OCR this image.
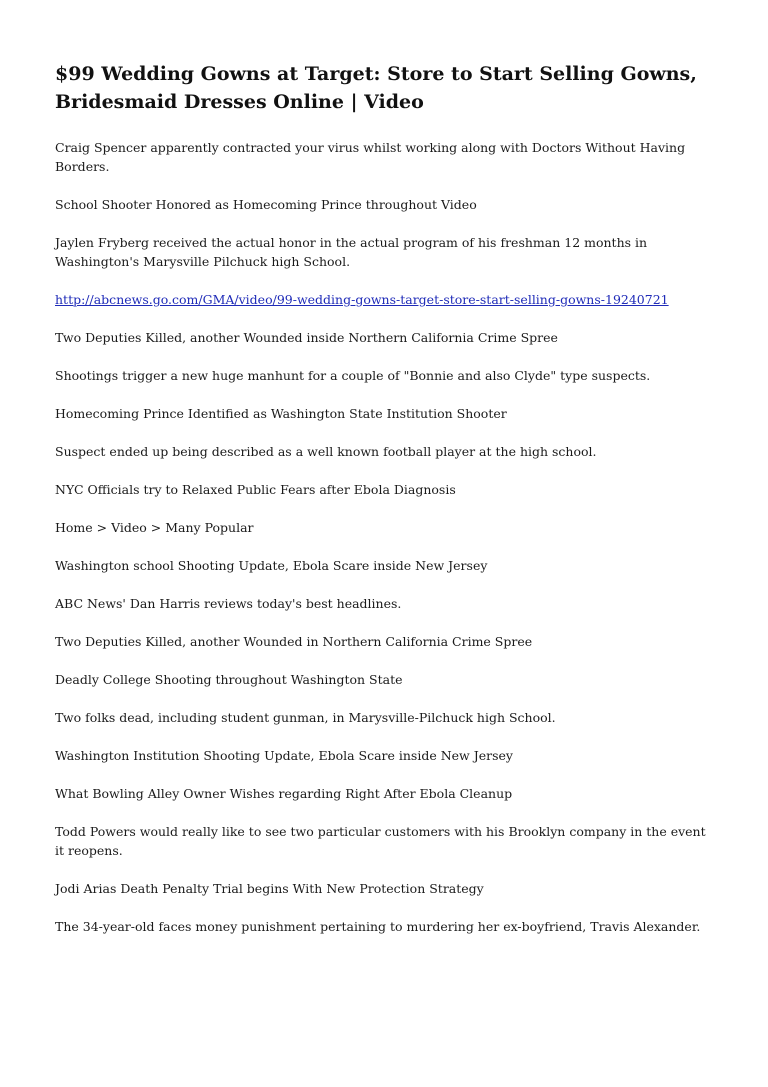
$99 Wedding Gowns at Target: Store to Start Selling Gowns, Bridesmaid Dresses Online | Video

Craig Spencer apparently contracted your virus whilst working along with Doctors Without Having Borders.

School Shooter Honored as Homecoming Prince throughout Video

Jaylen Fryberg received the actual honor in the actual program of his freshman 12 months in Washington's Marysville Pilchuck high School.

http://abcnews.go.com/GMA/video/99-wedding-gowns-target-store-start-selling-gowns-19240721

Two Deputies Killed, another Wounded inside Northern California Crime Spree

Shootings trigger a new huge manhunt for a couple of "Bonnie and also Clyde" type suspects.

Homecoming Prince Identified as Washington State Institution Shooter

Suspect ended up being described as a well known football player at the high school.

NYC Officials try to Relaxed Public Fears after Ebola Diagnosis

Home > Video > Many Popular

Washington school Shooting Update, Ebola Scare inside New Jersey

ABC News' Dan Harris reviews today's best headlines.

Two Deputies Killed, another Wounded in Northern California Crime Spree

Deadly College Shooting throughout Washington State

Two folks dead, including student gunman, in Marysville-Pilchuck high School.

Washington Institution Shooting Update, Ebola Scare inside New Jersey

What Bowling Alley Owner Wishes regarding Right After Ebola Cleanup

Todd Powers would really like to see two particular customers with his Brooklyn company in the event it reopens.

Jodi Arias Death Penalty Trial begins With New Protection Strategy

The 34-year-old faces money punishment pertaining to murdering her ex-boyfriend, Travis Alexander.
